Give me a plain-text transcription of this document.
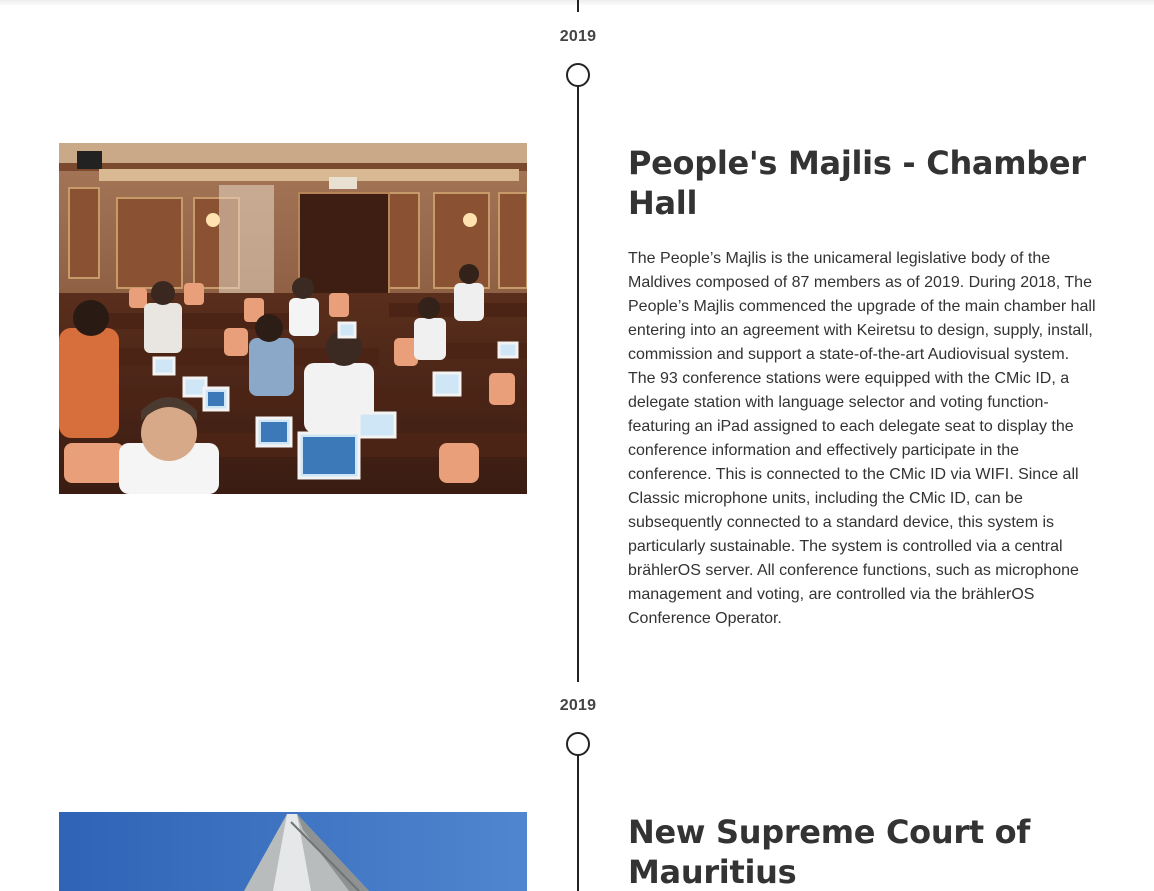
2019
People's Majlis - Chamber Hall

The People’s Majlis is the unicameral legislative body of the Maldives composed of 87 members as of 2019. During 2018, The People’s Majlis commenced the upgrade of the main chamber hall entering into an agreement with Keiretsu to design, supply, install, commission and support a state-of-the-art Audiovisual system. The 93 conference stations were equipped with the CMic ID, a delegate station with language selector and voting function-featuring an iPad assigned to each delegate seat to display the conference information and effectively participate in the conference. This is connected to the CMic ID via WIFI. Since all Classic microphone units, including the CMic ID, can be subsequently connected to a standard device, this system is particularly sustainable. The system is controlled via a central brählerOS server. All conference functions, such as microphone management and voting, are controlled via the brählerOS Conference Operator.

2019
New Supreme Court of Mauritius
